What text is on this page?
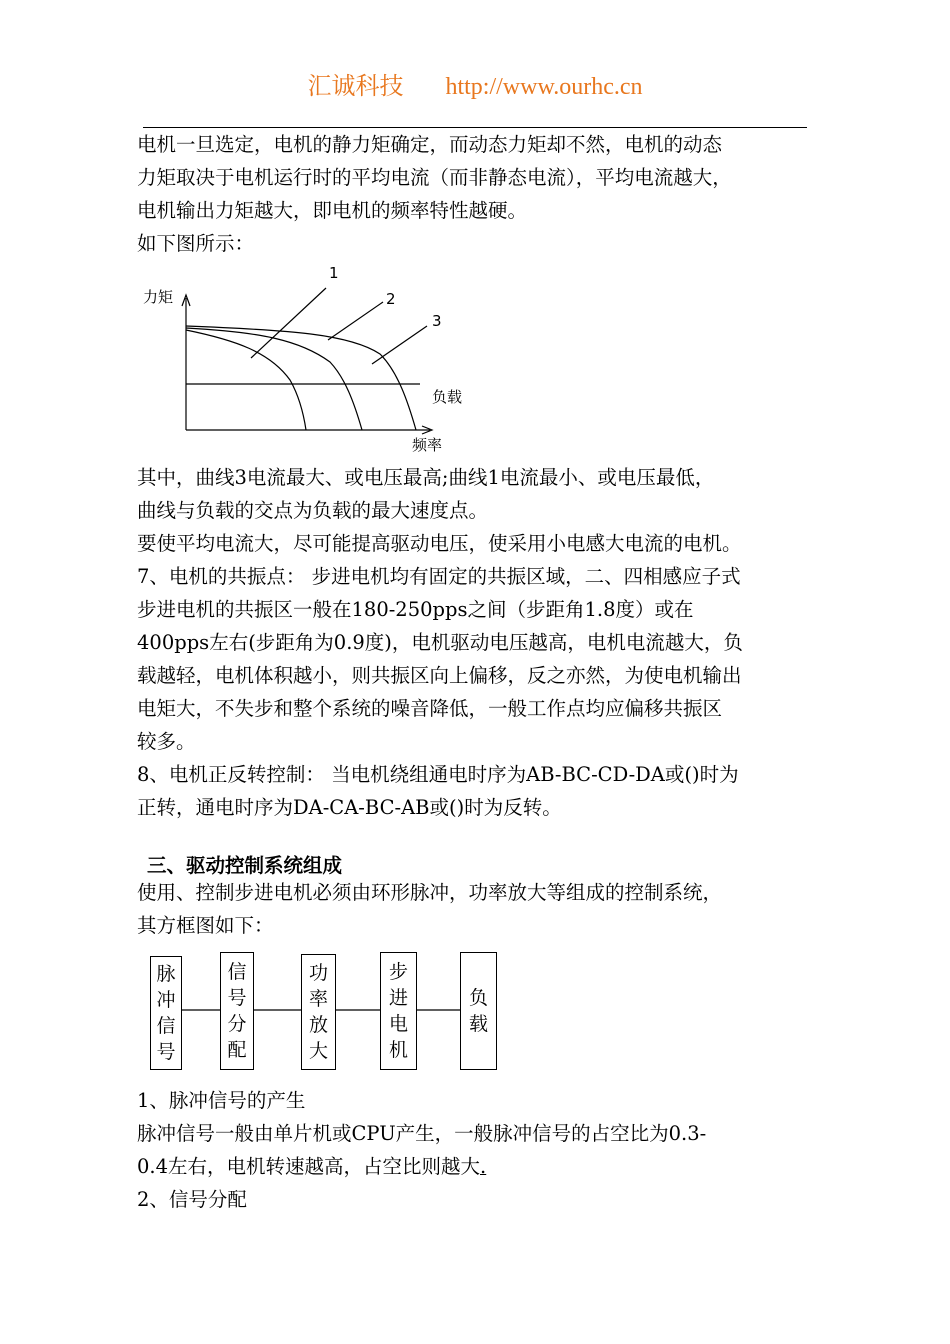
汇诚科技 http://www.ourhc.cn
电机一旦选定，电机的静力矩确定，而动态力矩却不然，电机的动态
力矩取决于电机运行时的平均电流（而非静态电流），平均电流越大，
电机输出力矩越大，即电机的频率特性越硬。
如下图所示：
力矩
频率
负载
1
2
3
其中，曲线3电流最大、或电压最高;曲线1电流最小、或电压最低，
曲线与负载的交点为负载的最大速度点。
要使平均电流大，尽可能提高驱动电压，使采用小电感大电流的电机。
7、电机的共振点： 步进电机均有固定的共振区域，二、四相感应子式
步进电机的共振区一般在180-250pps之间（步距角1.8度）或在
400pps左右(步距角为0.9度)，电机驱动电压越高，电机电流越大，负
载越轻，电机体积越小，则共振区向上偏移，反之亦然，为使电机输出
电矩大，不失步和整个系统的噪音降低，一般工作点均应偏移共振区
较多。
8、电机正反转控制： 当电机绕组通电时序为AB-BC-CD-DA或()时为
正转，通电时序为DA-CA-BC-AB或()时为反转。
三、驱动控制系统组成
使用、控制步进电机必须由环形脉冲，功率放大等组成的控制系统，
其方框图如下：
脉冲信号
信号分配
功率放大
步进电机
负载
1、脉冲信号的产生
脉冲信号一般由单片机或CPU产生，一般脉冲信号的占空比为0.3-
0.4左右，电机转速越高，占空比则越大.
2、信号分配
